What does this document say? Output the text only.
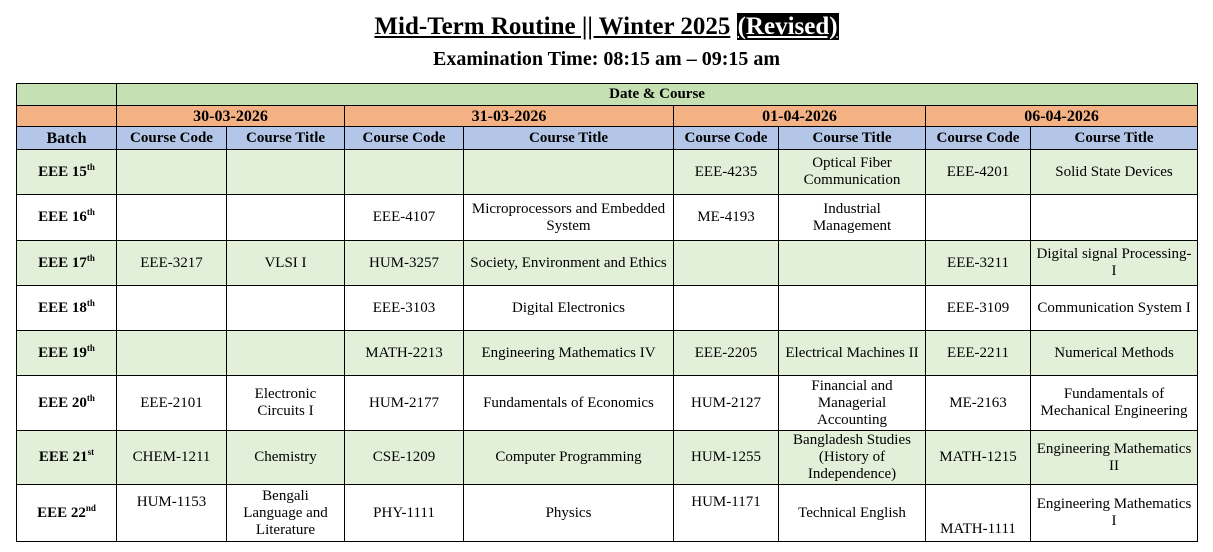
Mid-Term Routine || Winter 2025 (Revised)
Examination Time: 08:15 am – 09:15 am
	Date & Course							
	30-03-2026		31-03-2026		01-04-2026		06-04-2026	
Batch	Course Code	Course Title	Course Code	Course Title	Course Code	Course Title	Course Code	Course Title
EEE 15th					EEE-4235	Optical Fiber Communication	EEE-4201	Solid State Devices
EEE 16th			EEE-4107	Microprocessors and Embedded System	ME-4193	Industrial Management		
EEE 17th	EEE-3217	VLSI I	HUM-3257	Society, Environment and Ethics			EEE-3211	Digital signal Processing-I
EEE 18th			EEE-3103	Digital Electronics			EEE-3109	Communication System I
EEE 19th			MATH-2213	Engineering Mathematics IV	EEE-2205	Electrical Machines II	EEE-2211	Numerical Methods
EEE 20th	EEE-2101	Electronic Circuits I	HUM-2177	Fundamentals of Economics	HUM-2127	Financial and Managerial Accounting	ME-2163	Fundamentals of Mechanical Engineering
EEE 21st	CHEM-1211	Chemistry	CSE-1209	Computer Programming	HUM-1255	Bangladesh Studies (History of Independence)	MATH-1215	Engineering Mathematics II
EEE 22nd	HUM-1153	Bengali Language and Literature	PHY-1111	Physics	HUM-1171	Technical English	MATH-1111	Engineering Mathematics I
